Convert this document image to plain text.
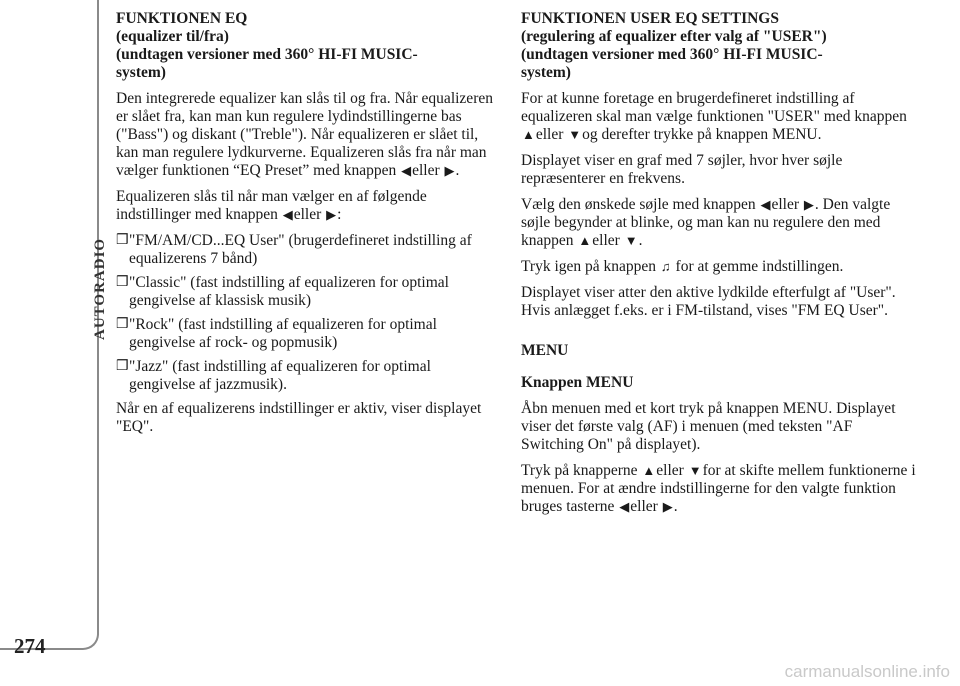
AUTORADIO
274
FUNKTIONEN EQ
(equalizer til/fra)
(undtagen versioner med 360° HI-FI MUSIC-
system)

Den integrerede equalizer kan slås til og fra. Når equalizeren er slået fra, kan man kun regulere lydindstillingerne bas ("Bass") og diskant ("Treble"). Når equalizeren er slået til, kan man regulere lydkurverne. Equalizeren slås fra når man vælger funktionen “EQ Preset” med knappen ◀eller ▶.

Equalizeren slås til når man vælger en af følgende indstillinger med knappen ◀eller ▶:

❒ "FM/AM/CD...EQ User" (brugerdefineret indstilling af equalizerens 7 bånd)
❒ "Classic" (fast indstilling af equalizeren for optimal gengivelse af klassisk musik)
❒ "Rock" (fast indstilling af equalizeren for optimal gengivelse af rock- og popmusik)
❒ "Jazz" (fast indstilling af equalizeren for optimal gengivelse af jazzmusik).

Når en af equalizerens indstillinger er aktiv, viser displayet "EQ".

FUNKTIONEN USER EQ SETTINGS
(regulering af equalizer efter valg af "USER")
(undtagen versioner med 360° HI-FI MUSIC-
system)

For at kunne foretage en brugerdefineret indstilling af equalizeren skal man vælge funktionen "USER" med knappen ▲eller ▼og derefter trykke på knappen MENU.

Displayet viser en graf med 7 søjler, hvor hver søjle repræsenterer en frekvens.

Vælg den ønskede søjle med knappen ◀eller ▶. Den valgte søjle begynder at blinke, og man kan nu regulere den med knappen ▲eller ▼.

Tryk igen på knappen ♫ for at gemme indstillingen.

Displayet viser atter den aktive lydkilde efterfulgt af "User". Hvis anlægget f.eks. er i FM-tilstand, vises "FM EQ User".

MENU
Knappen MENU

Åbn menuen med et kort tryk på knappen MENU. Displayet viser det første valg (AF) i menuen (med teksten "AF Switching On" på displayet).

Tryk på knapperne ▲eller ▼for at skifte mellem funktionerne i menuen. For at ændre indstillingerne for den valgte funktion bruges tasterne ◀eller ▶.

carmanualsonline.info
